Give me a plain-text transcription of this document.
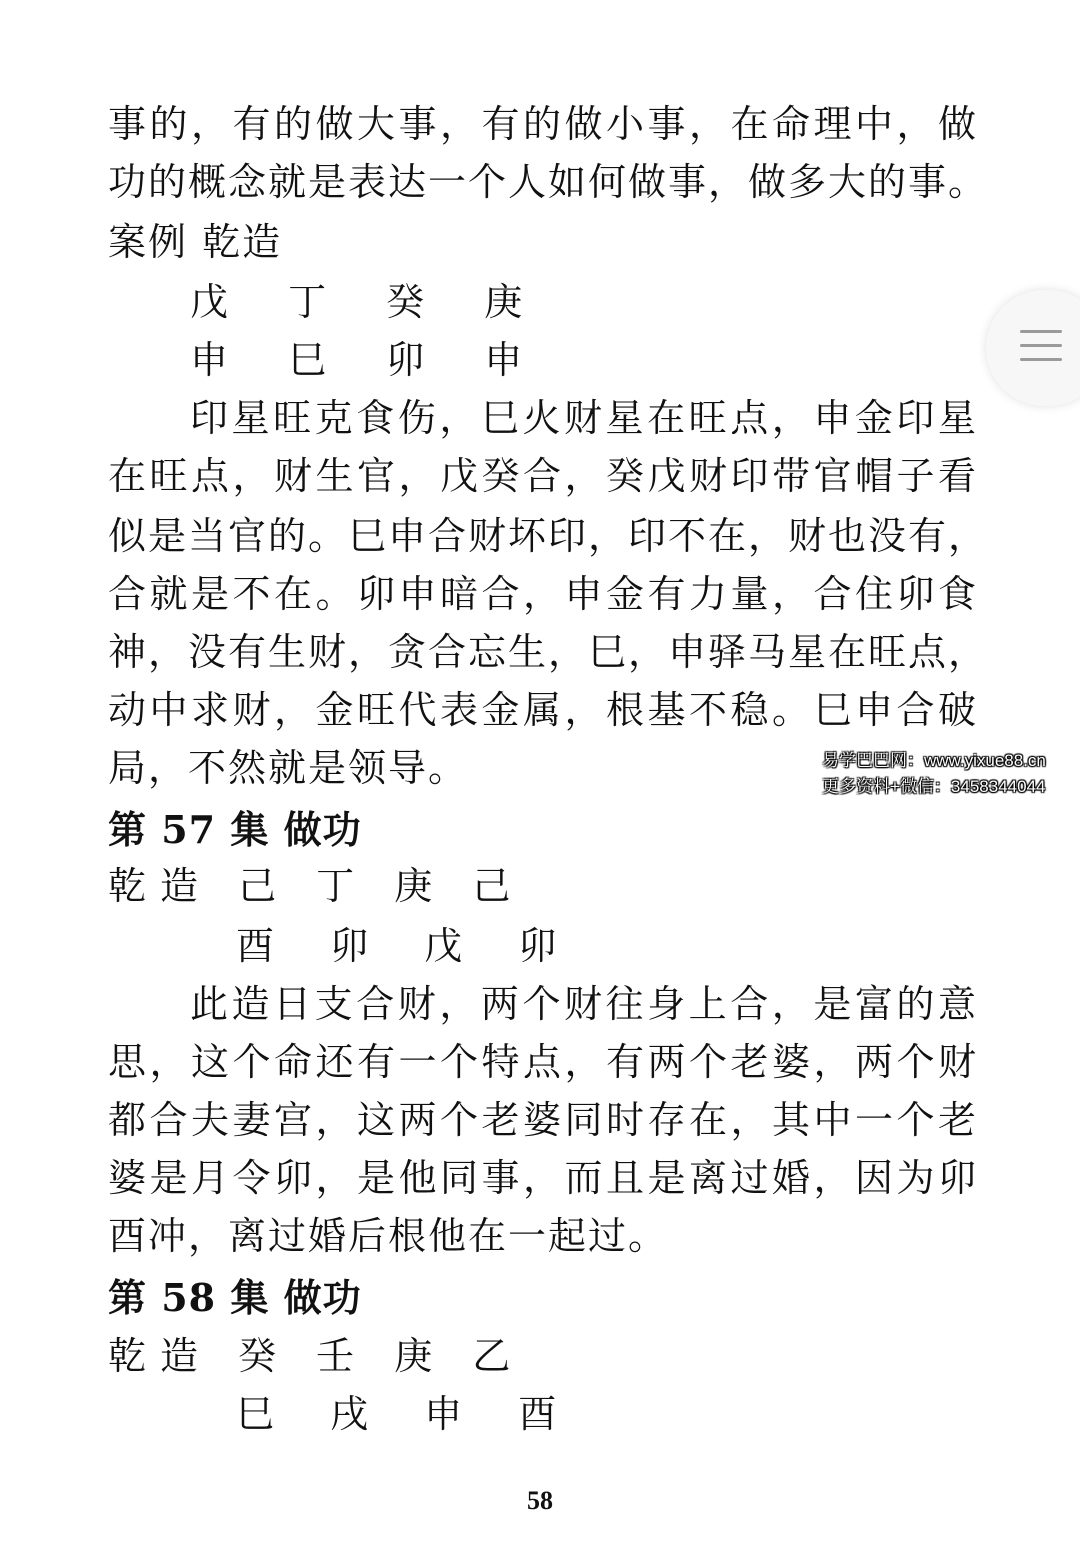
事的，有的做大事，有的做小事，在命理中，做
功的概念就是表达一个人如何做事，做多大的事。
案例 乾造
戊 丁 癸 庚
申 巳 卯 申
印星旺克食伤，巳火财星在旺点，申金印星
在旺点，财生官，戊癸合，癸戊财印带官帽子看
似是当官的。巳申合财坏印，印不在，财也没有，
合就是不在。卯申暗合，申金有力量，合住卯食
神，没有生财，贪合忘生，巳，申驿马星在旺点，
动中求财，金旺代表金属，根基不稳。巳申合破
局，不然就是领导。
第 57 集 做功
乾造 己 丁 庚 己
酉 卯 戊 卯
此造日支合财，两个财往身上合，是富的意
思，这个命还有一个特点，有两个老婆，两个财
都合夫妻宫，这两个老婆同时存在，其中一个老
婆是月令卯，是他同事，而且是离过婚，因为卯
酉冲，离过婚后根他在一起过。
第 58 集 做功
乾造 癸 壬 庚 乙
巳 戌 申 酉
58
易学巴巴网：www.yixue88.cn
更多资料+微信：3458344044
